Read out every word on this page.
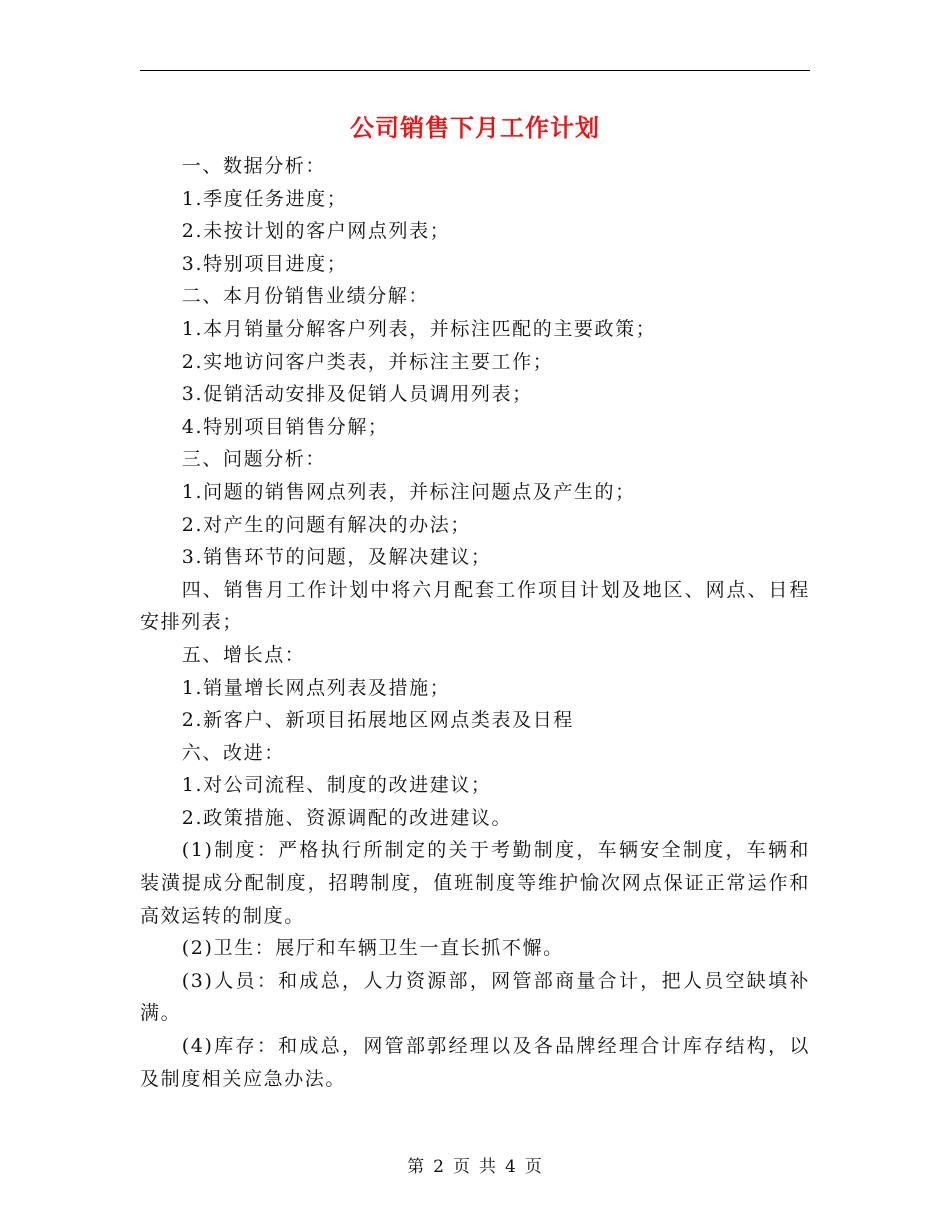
公司销售下月工作计划

一、数据分析：

1.季度任务进度；

2.未按计划的客户网点列表；

3.特别项目进度；

二、本月份销售业绩分解：

1.本月销量分解客户列表，并标注匹配的主要政策；

2.实地访问客户类表，并标注主要工作；

3.促销活动安排及促销人员调用列表；

4.特别项目销售分解；

三、问题分析：

1.问题的销售网点列表，并标注问题点及产生的；

2.对产生的问题有解决的办法；

3.销售环节的问题，及解决建议；

四、销售月工作计划中将六月配套工作项目计划及地区、网点、日程安排列表；

五、增长点：

1.销量增长网点列表及措施；

2.新客户、新项目拓展地区网点类表及日程

六、改进：

1.对公司流程、制度的改进建议；

2.政策措施、资源调配的改进建议。

(1)制度：严格执行所制定的关于考勤制度，车辆安全制度，车辆和装潢提成分配制度，招聘制度，值班制度等维护愉次网点保证正常运作和高效运转的制度。

(2)卫生：展厅和车辆卫生一直长抓不懈。

(3)人员：和成总，人力资源部，网管部商量合计，把人员空缺填补满。

(4)库存：和成总，网管部郭经理以及各品牌经理合计库存结构，以及制度相关应急办法。

第 2 页 共 4 页
